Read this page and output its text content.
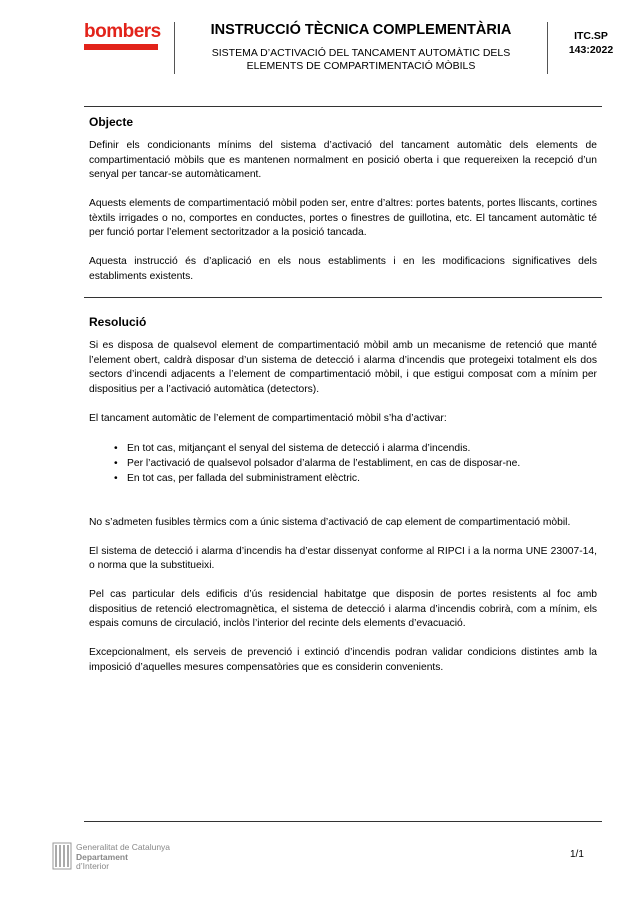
bombers	INSTRUCCIÓ TÈCNICA COMPLEMENTÀRIA
SISTEMA D’ACTIVACIÓ DEL TANCAMENT AUTOMÀTIC DELS
ELEMENTS DE COMPARTIMENTACIÓ MÒBILS
ITC.SP
143:2022
Objecte

Definir els condicionants mínims del sistema d’activació del tancament automàtic dels elements de compartimentació mòbils que es mantenen normalment en posició oberta i que requereixen la recepció d’un senyal per tancar-se automàticament.

Aquests elements de compartimentació mòbil poden ser, entre d’altres: portes batents, portes lliscants, cortines tèxtils irrigades o no, comportes en conductes, portes o finestres de guillotina, etc. El tancament automàtic té per funció portar l’element sectoritzador a la posició tancada.

Aquesta instrucció és d’aplicació en els nous establiments i en les modificacions significatives dels establiments existents.

Resolució

Si es disposa de qualsevol element de compartimentació mòbil amb un mecanisme de retenció que manté l’element obert, caldrà disposar d’un sistema de detecció i alarma d’incendis que protegeixi totalment els dos sectors d’incendi adjacents a l’element de compartimentació mòbil, i que estigui composat com a mínim per dispositius per a l’activació automàtica (detectors).

El tancament automàtic de l’element de compartimentació mòbil s’ha d’activar:

• En tot cas, mitjançant el senyal del sistema de detecció i alarma d’incendis.
• Per l’activació de qualsevol polsador d’alarma de l’establiment, en cas de disposar-ne.
• En tot cas, per fallada del subministrament elèctric.

No s’admeten fusibles tèrmics com a únic sistema d’activació de cap element de compartimentació mòbil.

El sistema de detecció i alarma d’incendis ha d’estar dissenyat conforme al RIPCI i a la norma UNE 23007-14, o norma que la substitueixi.

Pel cas particular dels edificis d’ús residencial habitatge que disposin de portes resistents al foc amb dispositius de retenció electromagnètica, el sistema de detecció i alarma d’incendis cobrirà, com a mínim, els espais comuns de circulació, inclòs l’interior del recinte dels elements d’evacuació.

Excepcionalment, els serveis de prevenció i extinció d’incendis podran validar condicions distintes amb la imposició d’aquelles mesures compensatòries que es considerin convenients.

Generalitat de Catalunya
Departament
d’Interior
1/1
